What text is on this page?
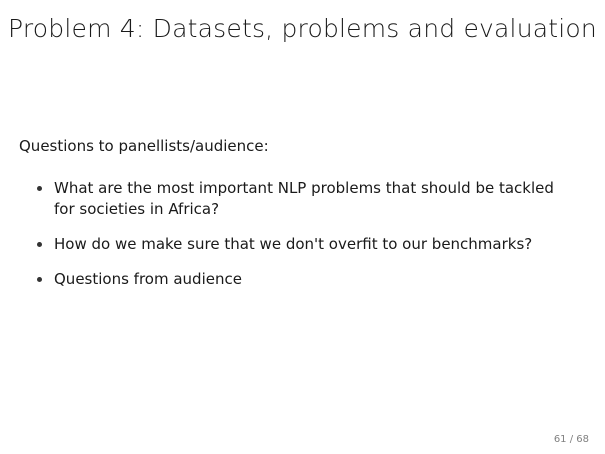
Problem 4: Datasets, problems and evaluation
Questions to panellists/audience:
What are the most important NLP problems that should be tackled for societies in Africa?
How do we make sure that we don't overfit to our benchmarks?
Questions from audience
61 / 68
